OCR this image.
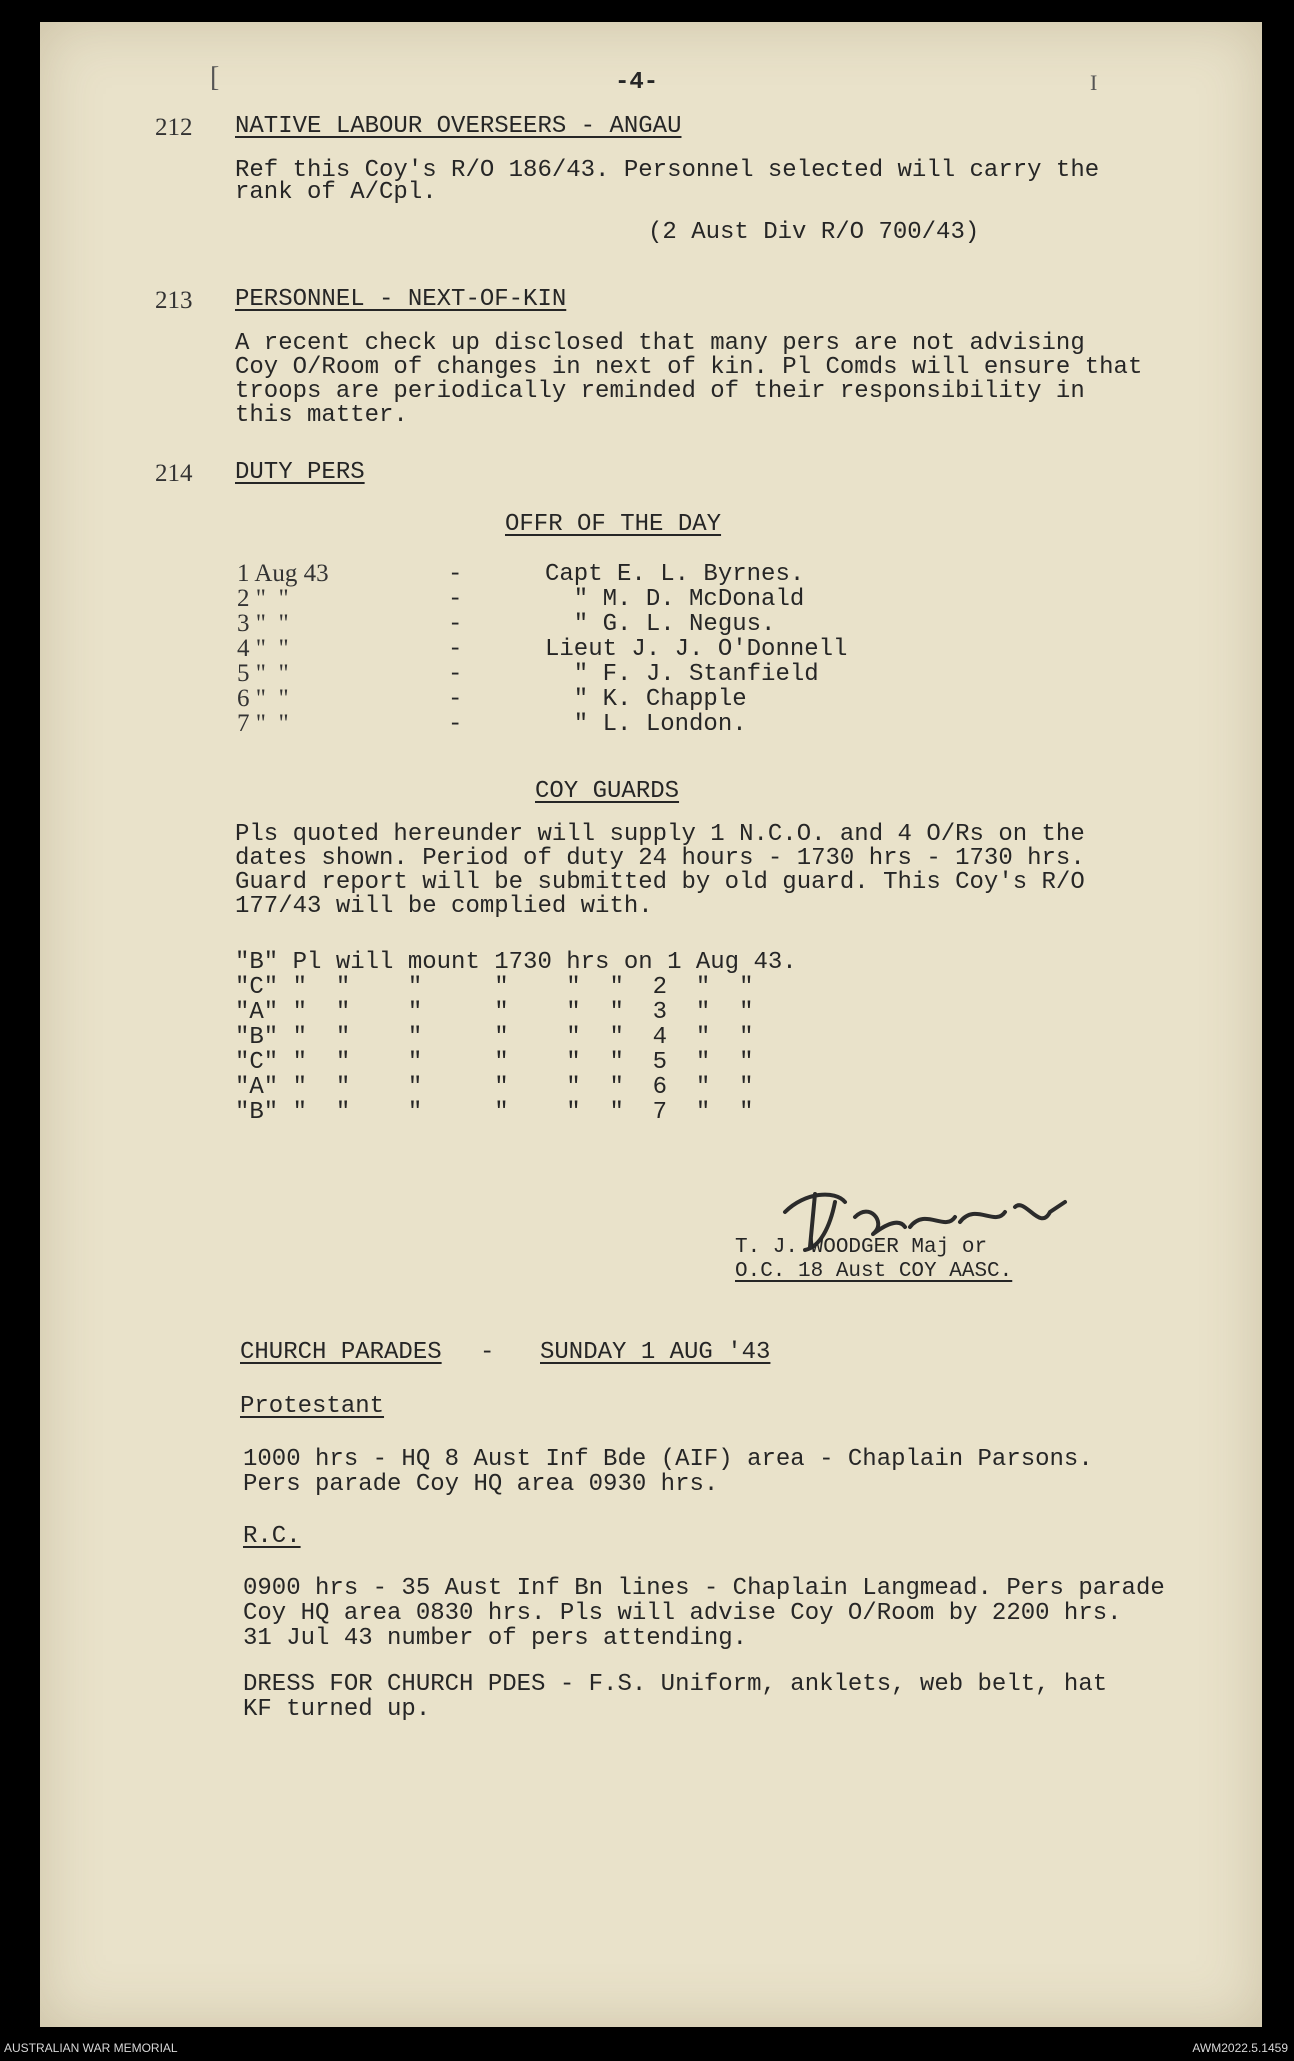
-4-
[	I
212 NATIVE LABOUR OVERSEERS - ANGAU
Ref this Coy's R/O 186/43. Personnel selected will carry the
rank of A/Cpl.
(2 Aust Div R/O 700/43)
213 PERSONNEL - NEXT-OF-KIN
A recent check up disclosed that many pers are not advising
Coy O/Room of changes in next of kin. Pl Comds will ensure that
troops are periodically reminded of their responsibility in
this matter.
214 DUTY PERS
OFFR OF THE DAY
1 Aug 43	-	Capt E. L. Byrnes.
2 "  "	-	" M. D. McDonald
3 "  "	-	" G. L. Negus.
4 "  "	-	Lieut J. J. O'Donnell
5 "  "	-	" F. J. Stanfield
6 "  "	-	" K. Chapple
7 "  "	-	" L. London.
COY GUARDS
Pls quoted hereunder will supply 1 N.C.O. and 4 O/Rs on the
dates shown. Period of duty 24 hours - 1730 hrs - 1730 hrs.
Guard report will be submitted by old guard. This Coy's R/O
177/43 will be complied with.
"B" Pl will mount 1730 hrs on 1 Aug 43.
"C" "  "    "     "    "  "  2  "  "
"A" "  "    "     "    "  "  3  "  "
"B" "  "    "     "    "  "  4  "  "
"C" "  "    "     "    "  "  5  "  "
"A" "  "    "     "    "  "  6  "  "
"B" "  "    "     "    "  "  7  "  "
T. J. WOODGER Maj or
O.C. 18 Aust COY AASC.
CHURCH PARADES - SUNDAY 1 AUG '43
Protestant
1000 hrs - HQ 8 Aust Inf Bde (AIF) area - Chaplain Parsons.
Pers parade Coy HQ area 0930 hrs.
R.C.
0900 hrs - 35 Aust Inf Bn lines - Chaplain Langmead. Pers parade
Coy HQ area 0830 hrs. Pls will advise Coy O/Room by 2200 hrs.
31 Jul 43 number of pers attending.
DRESS FOR CHURCH PDES - F.S. Uniform, anklets, web belt, hat
KF turned up.
AUSTRALIAN WAR MEMORIAL	AWM2022.5.1459
